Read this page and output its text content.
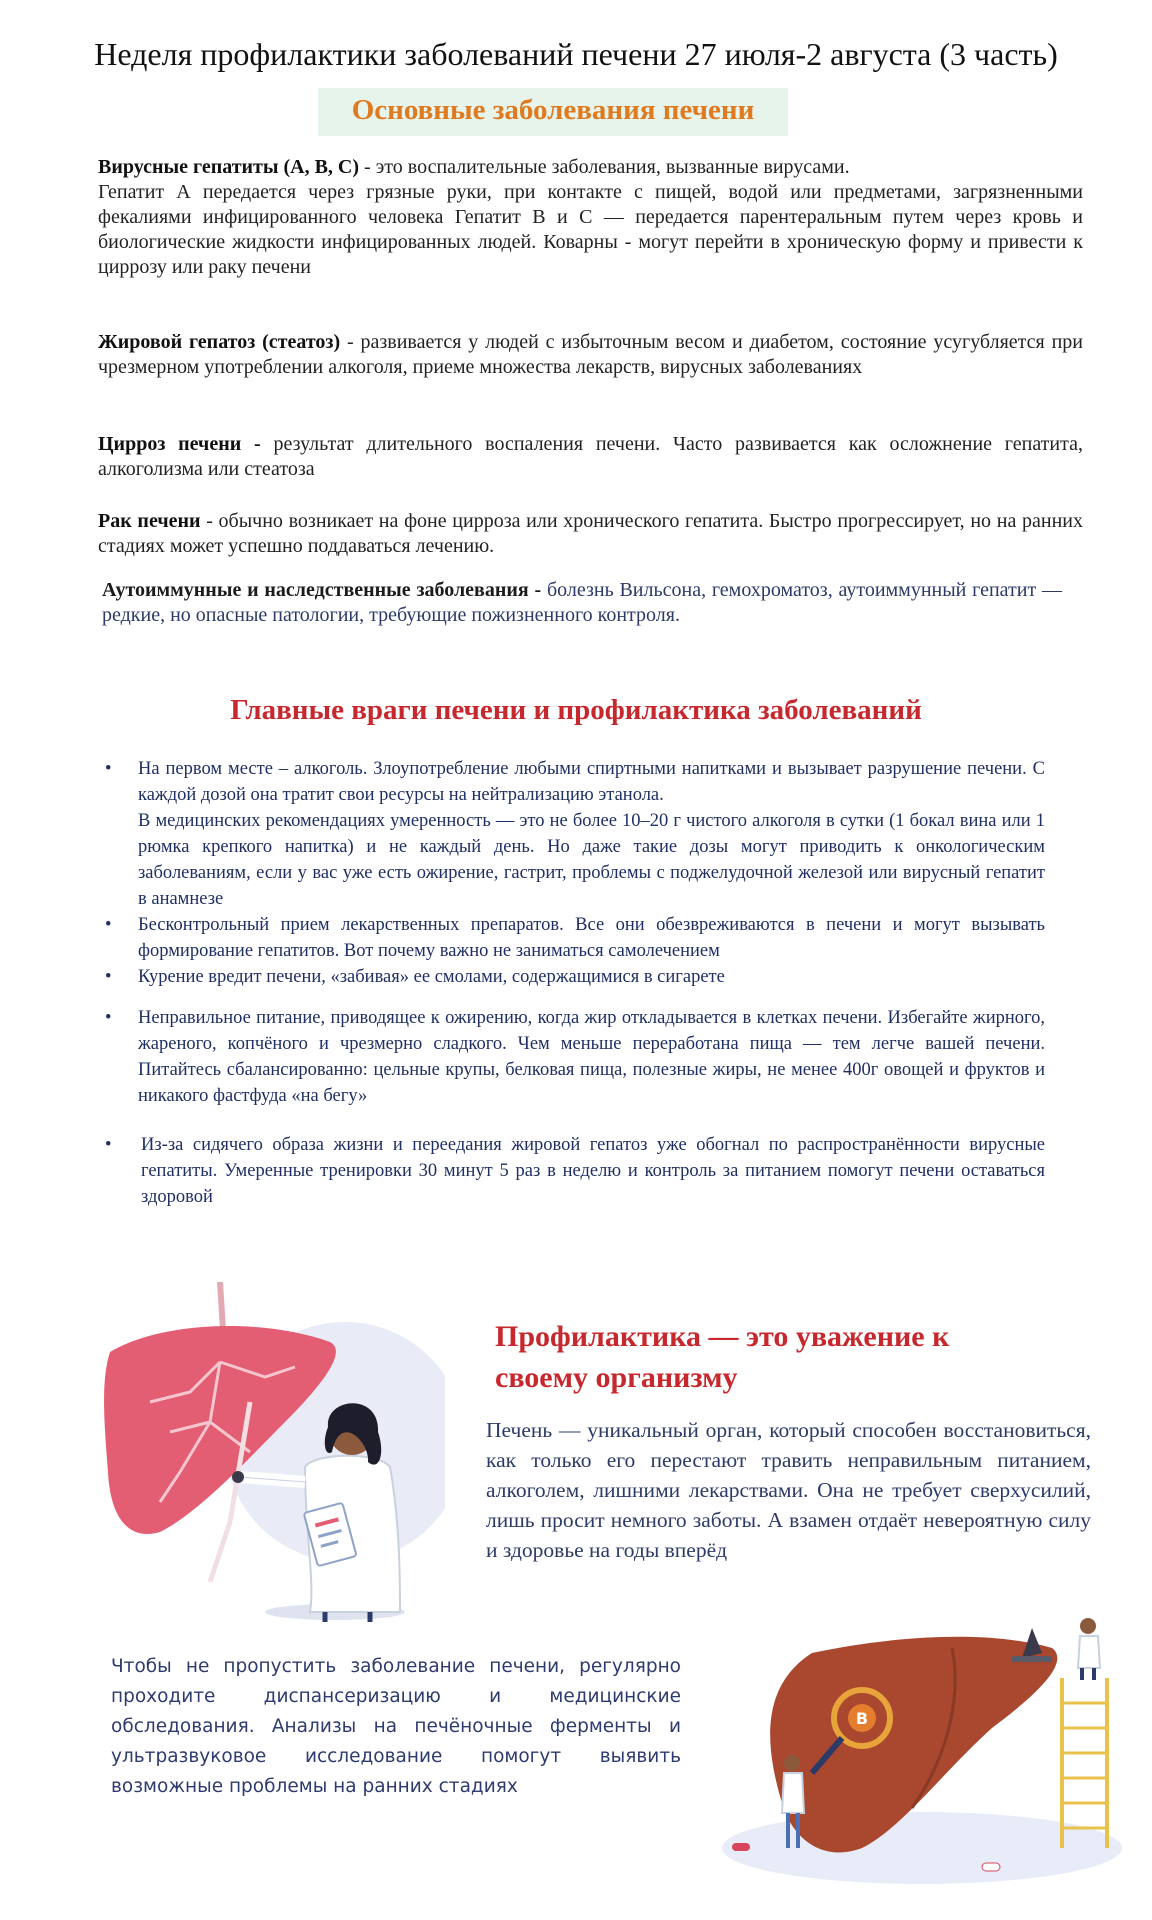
Неделя профилактики заболеваний печени 27 июля-2 августа (3 часть)
Основные заболевания печени
Вирусные гепатиты (А, В, С) - это воспалительные заболевания, вызванные вирусами.
Гепатит А передается через грязные руки, при контакте с пищей, водой или предметами, загрязненными фекалиями инфицированного человека Гепатит В и С — передается парентеральным путем через кровь и биологические жидкости инфицированных людей. Коварны - могут перейти в хроническую форму и привести к циррозу или раку печени
Жировой гепатоз (стеатоз) - развивается у людей с избыточным весом и диабетом, состояние усугубляется при чрезмерном употреблении алкоголя, приеме множества лекарств, вирусных заболеваниях
Цирроз печени - результат длительного воспаления печени. Часто развивается как осложнение гепатита, алкоголизма или стеатоза
Рак печени - обычно возникает на фоне цирроза или хронического гепатита. Быстро прогрессирует, но на ранних стадиях может успешно поддаваться лечению.
Аутоиммунные и наследственные заболевания - болезнь Вильсона, гемохроматоз, аутоиммунный гепатит — редкие, но опасные патологии, требующие пожизненного контроля.
Главные враги печени и профилактика заболеваний
• На первом месте – алкоголь. Злоупотребление любыми спиртными напитками и вызывает разрушение печени. С каждой дозой она тратит свои ресурсы на нейтрализацию этанола.
В медицинских рекомендациях умеренность — это не более 10–20 г чистого алкоголя в сутки (1 бокал вина или 1 рюмка крепкого напитка) и не каждый день. Но даже такие дозы могут приводить к онкологическим заболеваниям, если у вас уже есть ожирение, гастрит, проблемы с поджелудочной железой или вирусный гепатит в анамнезе
• Бесконтрольный прием лекарственных препаратов. Все они обезвреживаются в печени и могут вызывать формирование гепатитов. Вот почему важно не заниматься самолечением
• Курение вредит печени, «забивая» ее смолами, содержащимися в сигарете
• Неправильное питание, приводящее к ожирению, когда жир откладывается в клетках печени. Избегайте жирного, жареного, копчёного и чрезмерно сладкого. Чем меньше переработана пища — тем легче вашей печени. Питайтесь сбалансированно: цельные крупы, белковая пища, полезные жиры, не менее 400г овощей и фруктов и никакого фастфуда «на бегу»
• Из-за сидячего образа жизни и переедания жировой гепатоз уже обогнал по распространённости вирусные гепатиты. Умеренные тренировки 30 минут 5 раз в неделю и контроль за питанием помогут печени оставаться здоровой
Профилактика — это уважение к своему организму
Печень — уникальный орган, который способен восстановиться, как только его перестают травить неправильным питанием, алкоголем, лишними лекарствами. Она не требует сверхусилий, лишь просит немного заботы. А взамен отдаёт невероятную силу и здоровье на годы вперёд
Чтобы не пропустить заболевание печени, регулярно проходите диспансеризацию и медицинские обследования. Анализы на печёночные ферменты и ультразвуковое исследование помогут выявить возможные проблемы на ранних стадиях
B
